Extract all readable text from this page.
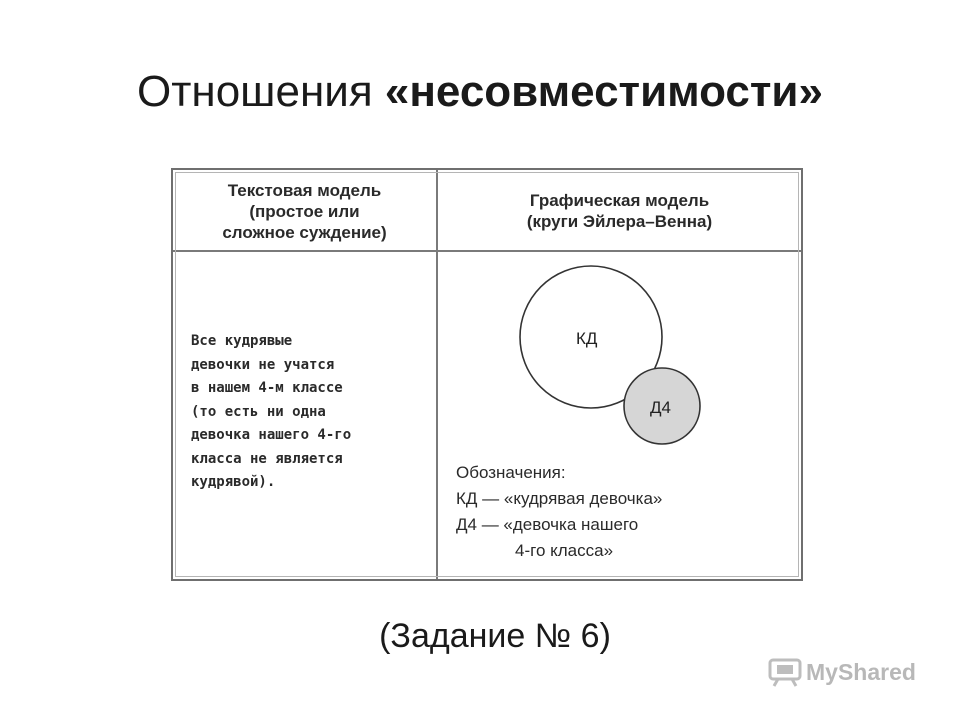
Отношения «несовместимости»
Текстовая модель
(простое или
сложное суждение)
Графическая модель
(круги Эйлера–Венна)
Все кудрявые
девочки не учатся
в нашем 4-м классе
(то есть ни одна
девочка нашего 4-го
класса не является
кудрявой).
КД
Д4
Обозначения:
КД — «кудрявая девочка»
Д4 — «девочка нашего
4-го класса»
(Задание № 6)
MyShared
